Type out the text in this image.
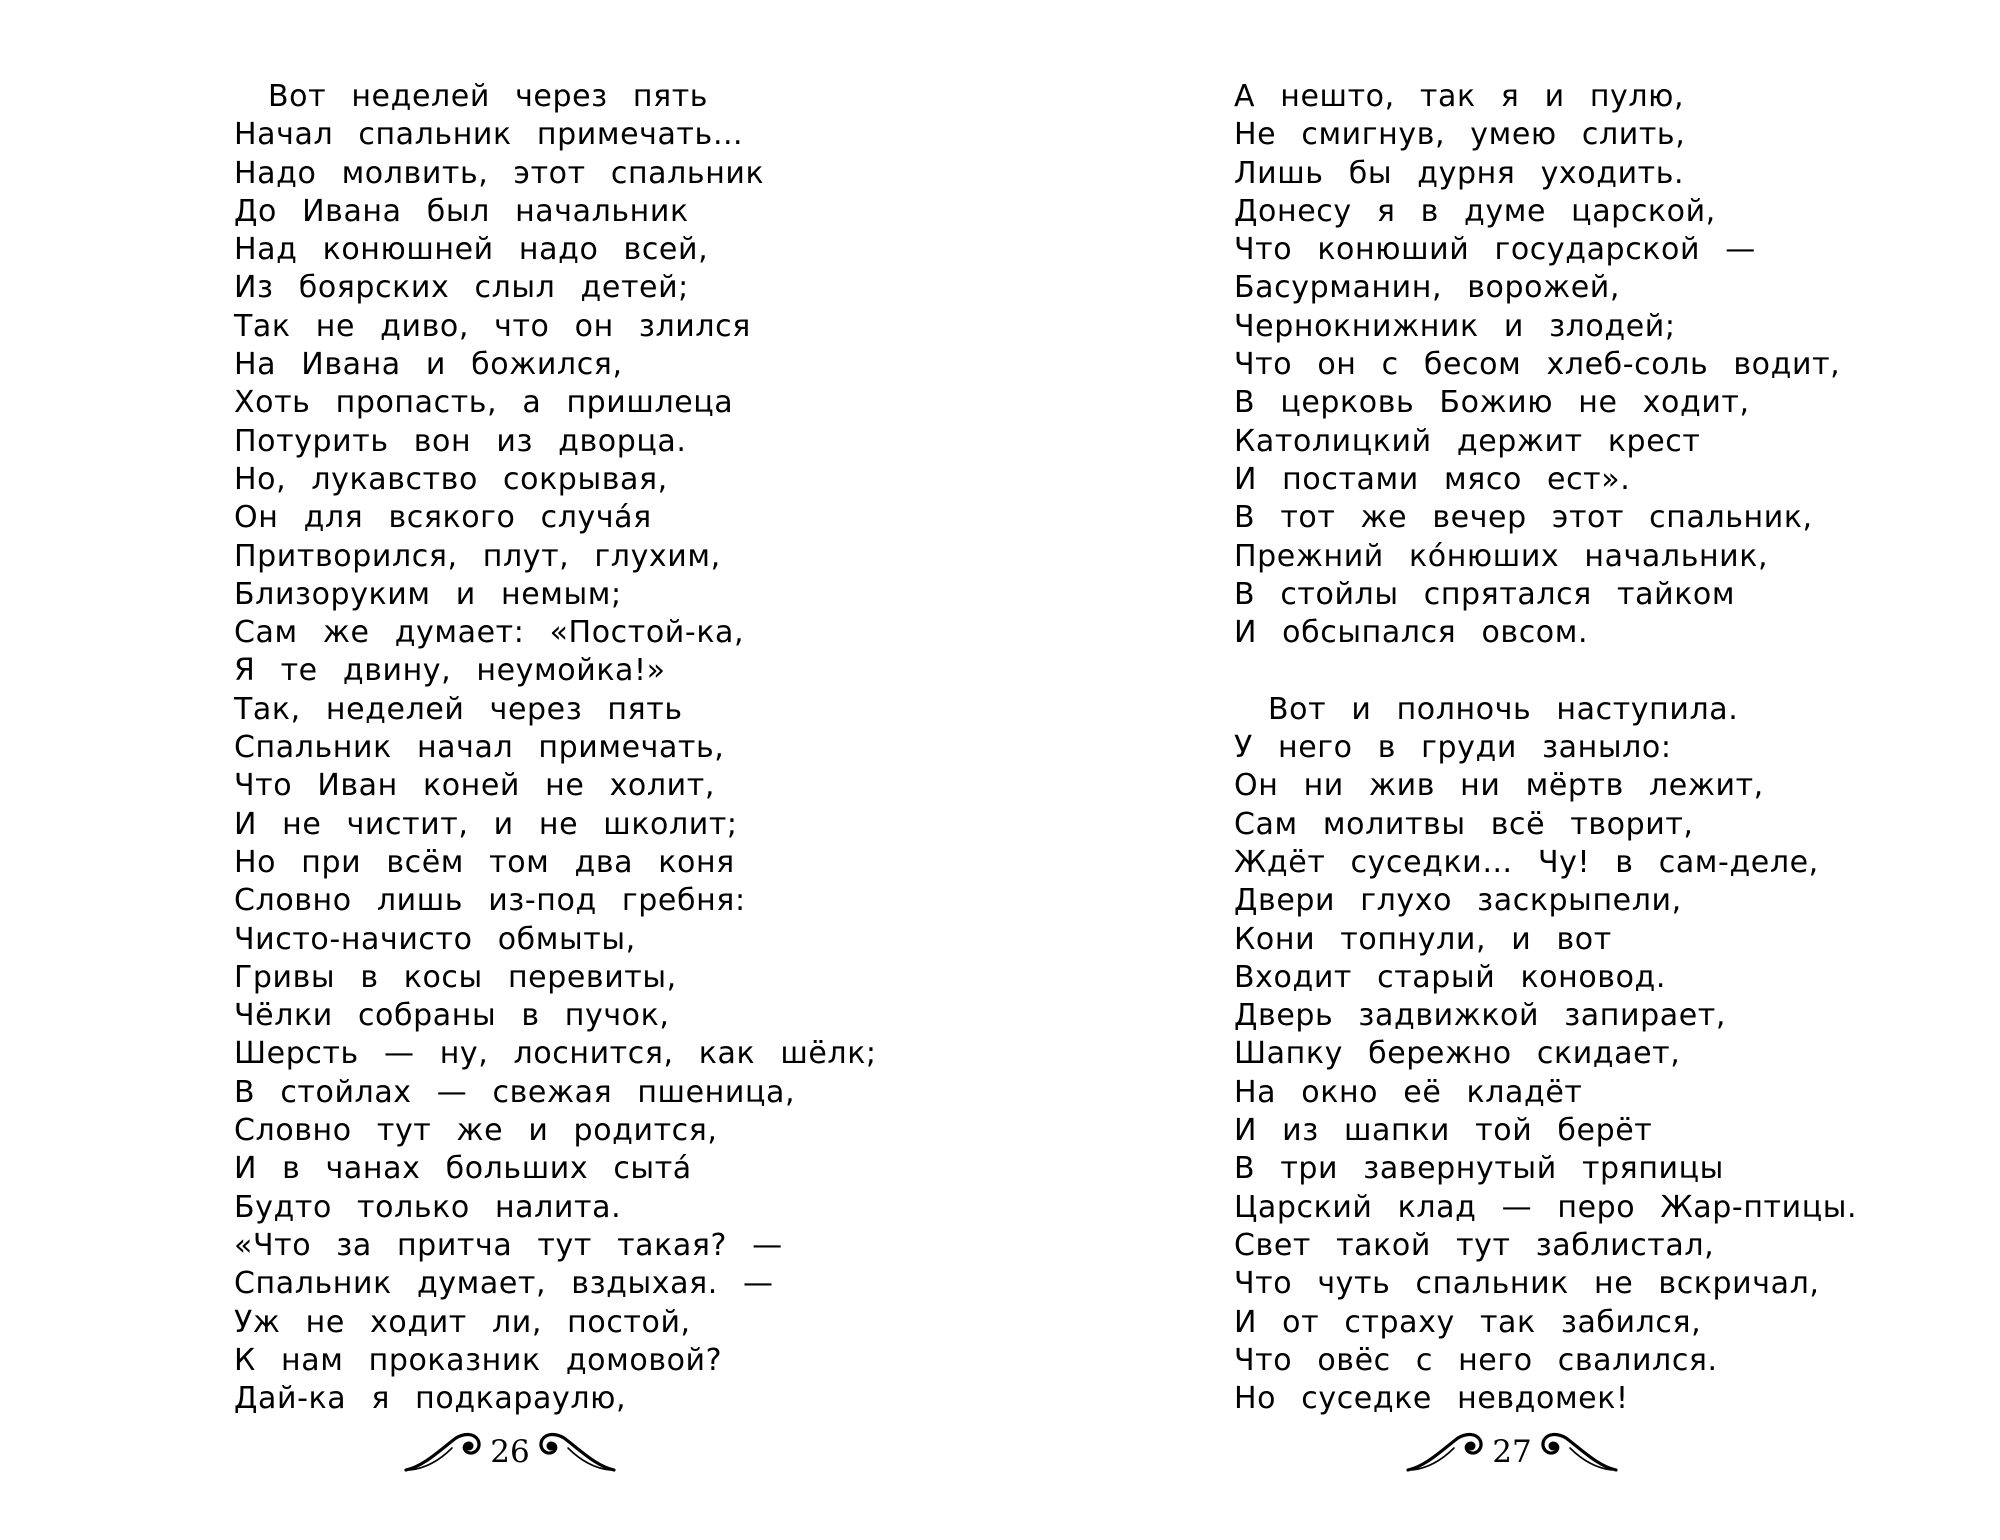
Вот неделей через пять
Начал спальник примечать…
Надо молвить, этот спальник
До Ивана был начальник
Над конюшней надо всей,
Из боярских слыл детей;
Так не диво, что он злился
На Ивана и божился,
Хоть пропасть, а пришлеца
Потурить вон из дворца.
Но, лукавство сокрывая,
Он для всякого случа́я
Притворился, плут, глухим,
Близоруким и немым;
Сам же думает: «Постой-ка,
Я те двину, неумойка!»
Так, неделей через пять
Спальник начал примечать,
Что Иван коней не холит,
И не чистит, и не школит;
Но при всём том два коня
Словно лишь из-под гребня:
Чисто-начисто обмыты,
Гривы в косы перевиты,
Чёлки собраны в пучок,
Шерсть — ну, лоснится, как шёлк;
В стойлах — свежая пшеница,
Словно тут же и родится,
И в чанах больших сыта́
Будто только налита.
«Что за притча тут такая? —
Спальник думает, вздыхая. —
Уж не ходит ли, постой,
К нам проказник домовой?
Дай-ка я подкараулю,
26
А нешто, так я и пулю,
Не смигнув, умею слить,
Лишь бы дурня уходить.
Донесу я в думе царской,
Что конюший государской —
Басурманин, ворожей,
Чернокнижник и злодей;
Что он с бесом хлеб-соль водит,
В церковь Божию не ходит,
Католицкий держит крест
И постами мясо ест».
В тот же вечер этот спальник,
Прежний ко́нюших начальник,
В стойлы спрятался тайком
И обсыпался овсом.
Вот и полночь наступила.
У него в груди заныло:
Он ни жив ни мёртв лежит,
Сам молитвы всё творит,
Ждёт суседки… Чу! в сам-деле,
Двери глухо заскрыпели,
Кони топнули, и вот
Входит старый коновод.
Дверь задвижкой запирает,
Шапку бережно скидает,
На окно её кладёт
И из шапки той берёт
В три завернутый тряпицы
Царский клад — перо Жар-птицы.
Свет такой тут заблистал,
Что чуть спальник не вскричал,
И от страху так забился,
Что овёс с него свалился.
Но суседке невдомек!
27
